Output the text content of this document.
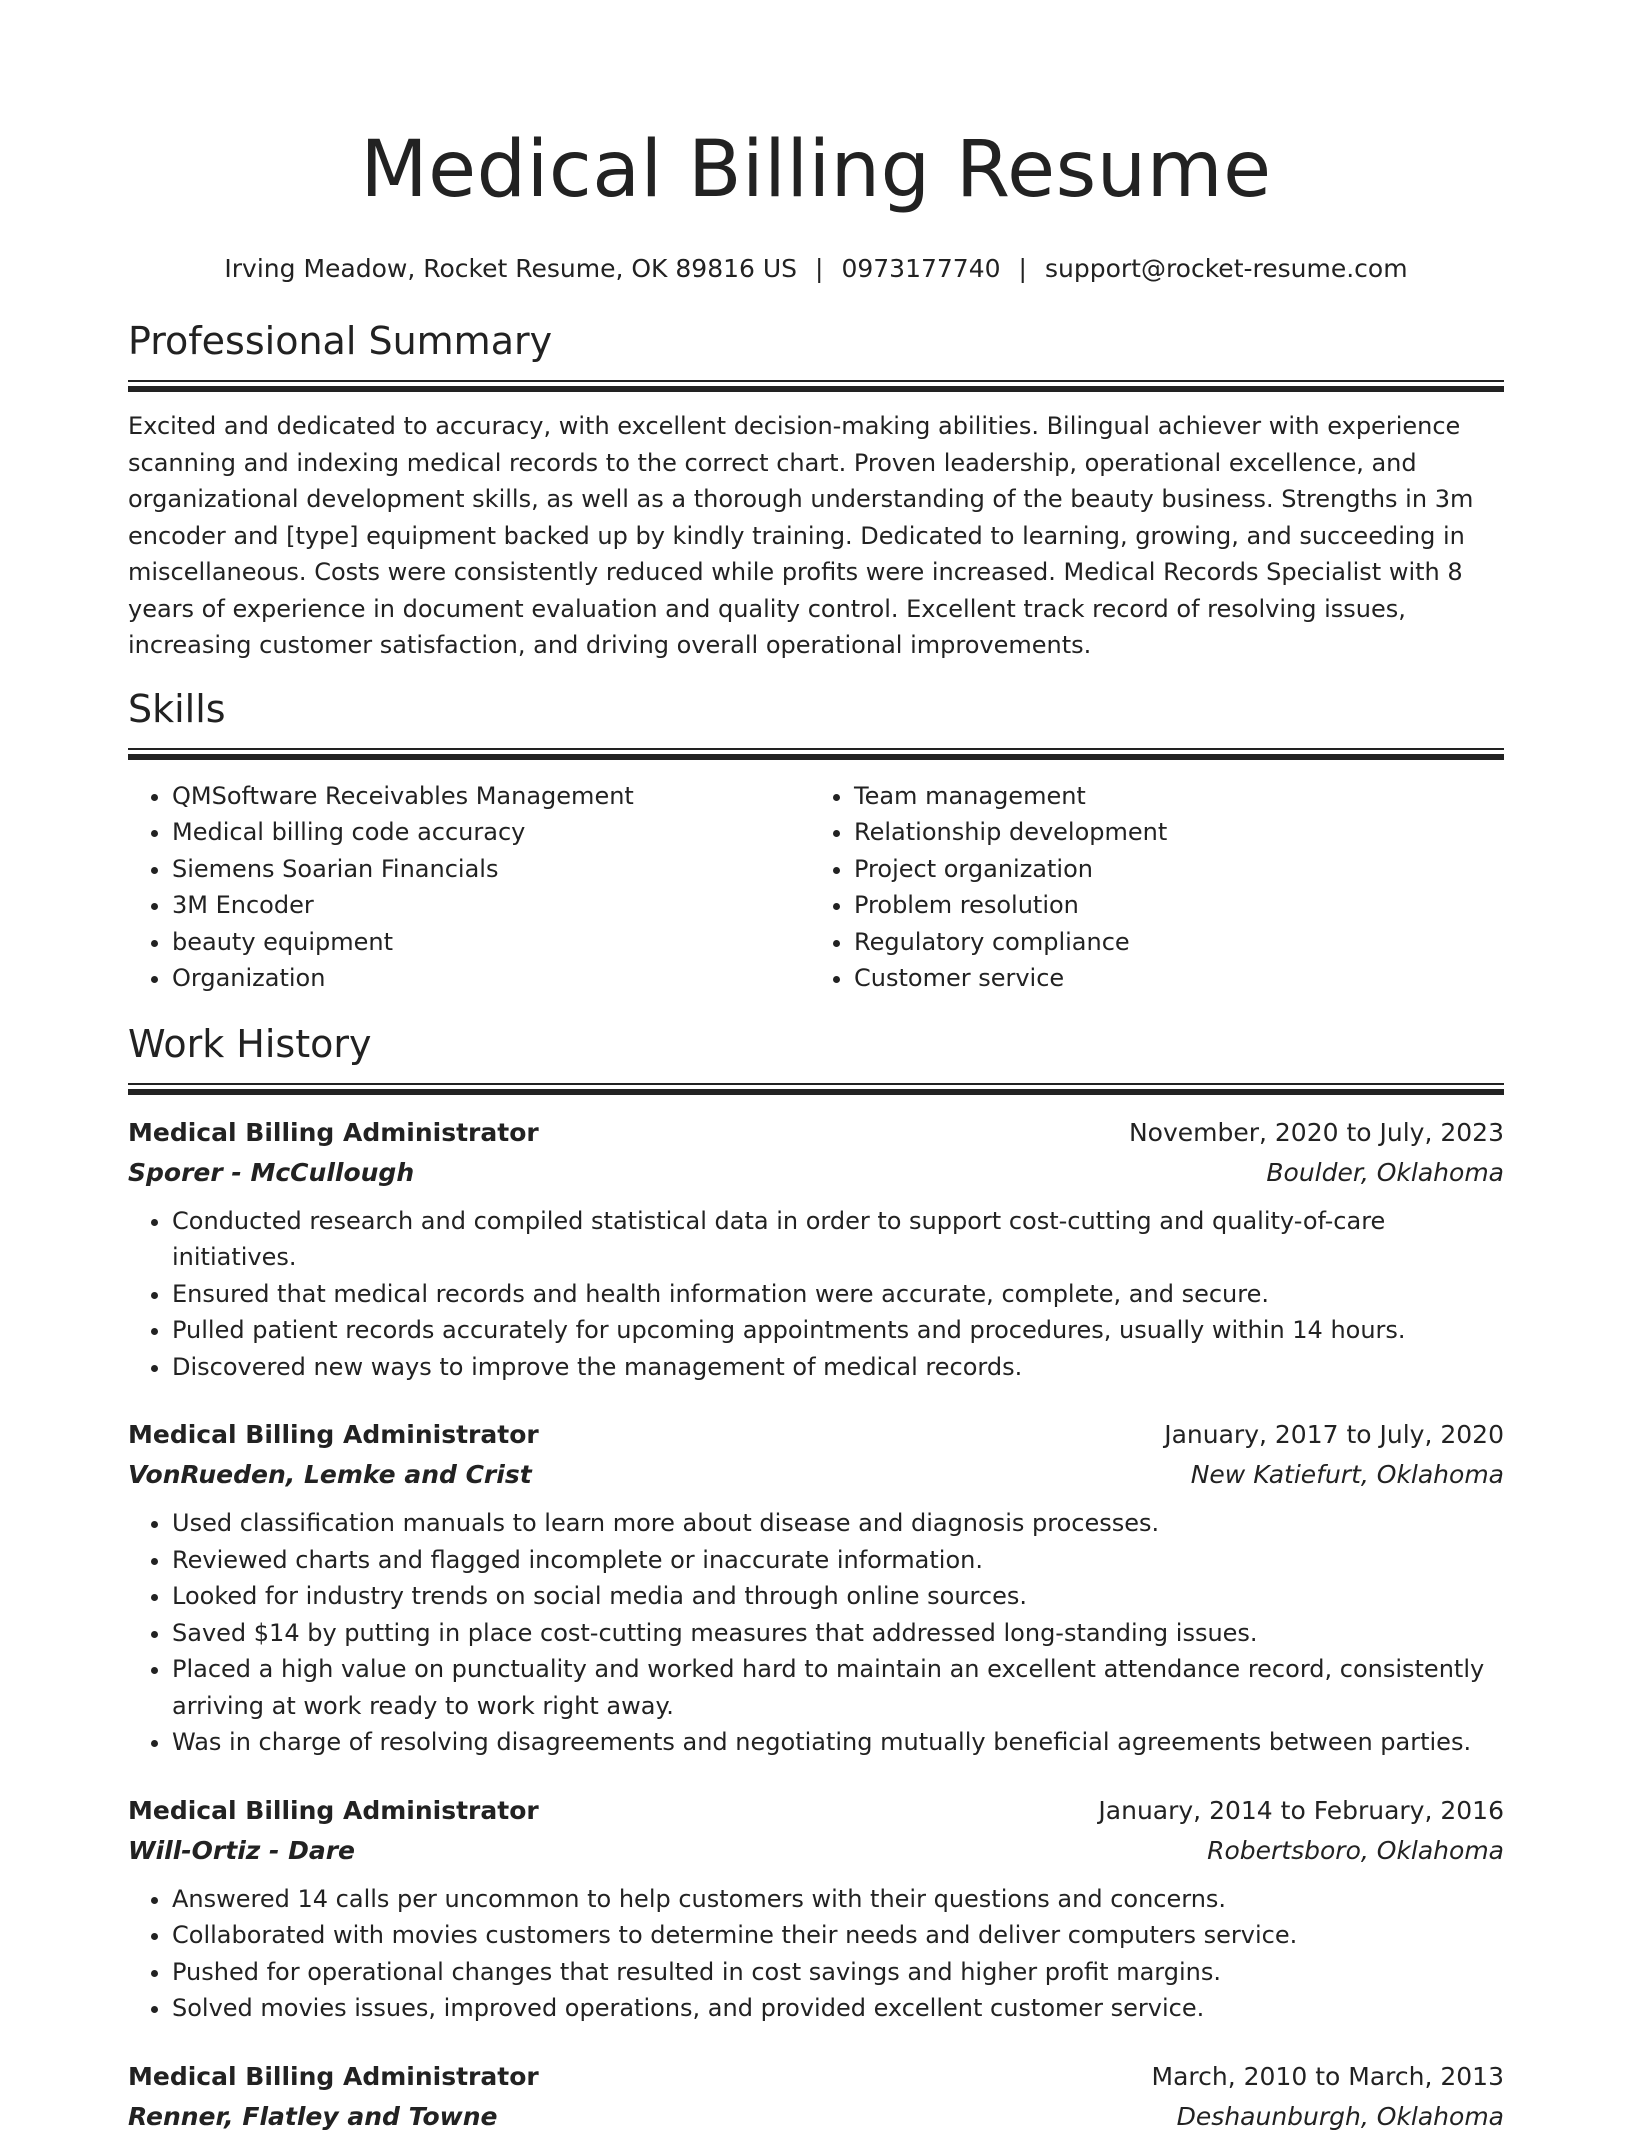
Medical Billing Resume
Irving Meadow, Rocket Resume, OK 89816 US | 0973177740 | support@rocket-resume.com
Professional Summary

Excited and dedicated to accuracy, with excellent decision-making abilities. Bilingual achiever with experience scanning and indexing medical records to the correct chart. Proven leadership, operational excellence, and organizational development skills, as well as a thorough understanding of the beauty business. Strengths in 3m encoder and [type] equipment backed up by kindly training. Dedicated to learning, growing, and succeeding in miscellaneous. Costs were consistently reduced while profits were increased. Medical Records Specialist with 8 years of experience in document evaluation and quality control. Excellent track record of resolving issues, increasing customer satisfaction, and driving overall operational improvements.

Skills
• QMSoftware Receivables Management
• Medical billing code accuracy
• Siemens Soarian Financials
• 3M Encoder
• beauty equipment
• Organization
• Team management
• Relationship development
• Project organization
• Problem resolution
• Regulatory compliance
• Customer service
Work History
Medical Billing Administrator	November, 2020 to July, 2023
Sporer - McCullough	Boulder, Oklahoma
• Conducted research and compiled statistical data in order to support cost-cutting and quality-of-care initiatives.
• Ensured that medical records and health information were accurate, complete, and secure.
• Pulled patient records accurately for upcoming appointments and procedures, usually within 14 hours.
• Discovered new ways to improve the management of medical records.
Medical Billing Administrator	January, 2017 to July, 2020
VonRueden, Lemke and Crist	New Katiefurt, Oklahoma
• Used classification manuals to learn more about disease and diagnosis processes.
• Reviewed charts and flagged incomplete or inaccurate information.
• Looked for industry trends on social media and through online sources.
• Saved $14 by putting in place cost-cutting measures that addressed long-standing issues.
• Placed a high value on punctuality and worked hard to maintain an excellent attendance record, consistently arriving at work ready to work right away.
• Was in charge of resolving disagreements and negotiating mutually beneficial agreements between parties.
Medical Billing Administrator	January, 2014 to February, 2016
Will-Ortiz - Dare	Robertsboro, Oklahoma
• Answered 14 calls per uncommon to help customers with their questions and concerns.
• Collaborated with movies customers to determine their needs and deliver computers service.
• Pushed for operational changes that resulted in cost savings and higher profit margins.
• Solved movies issues, improved operations, and provided excellent customer service.
Medical Billing Administrator	March, 2010 to March, 2013
Renner, Flatley and Towne	Deshaunburgh, Oklahoma
